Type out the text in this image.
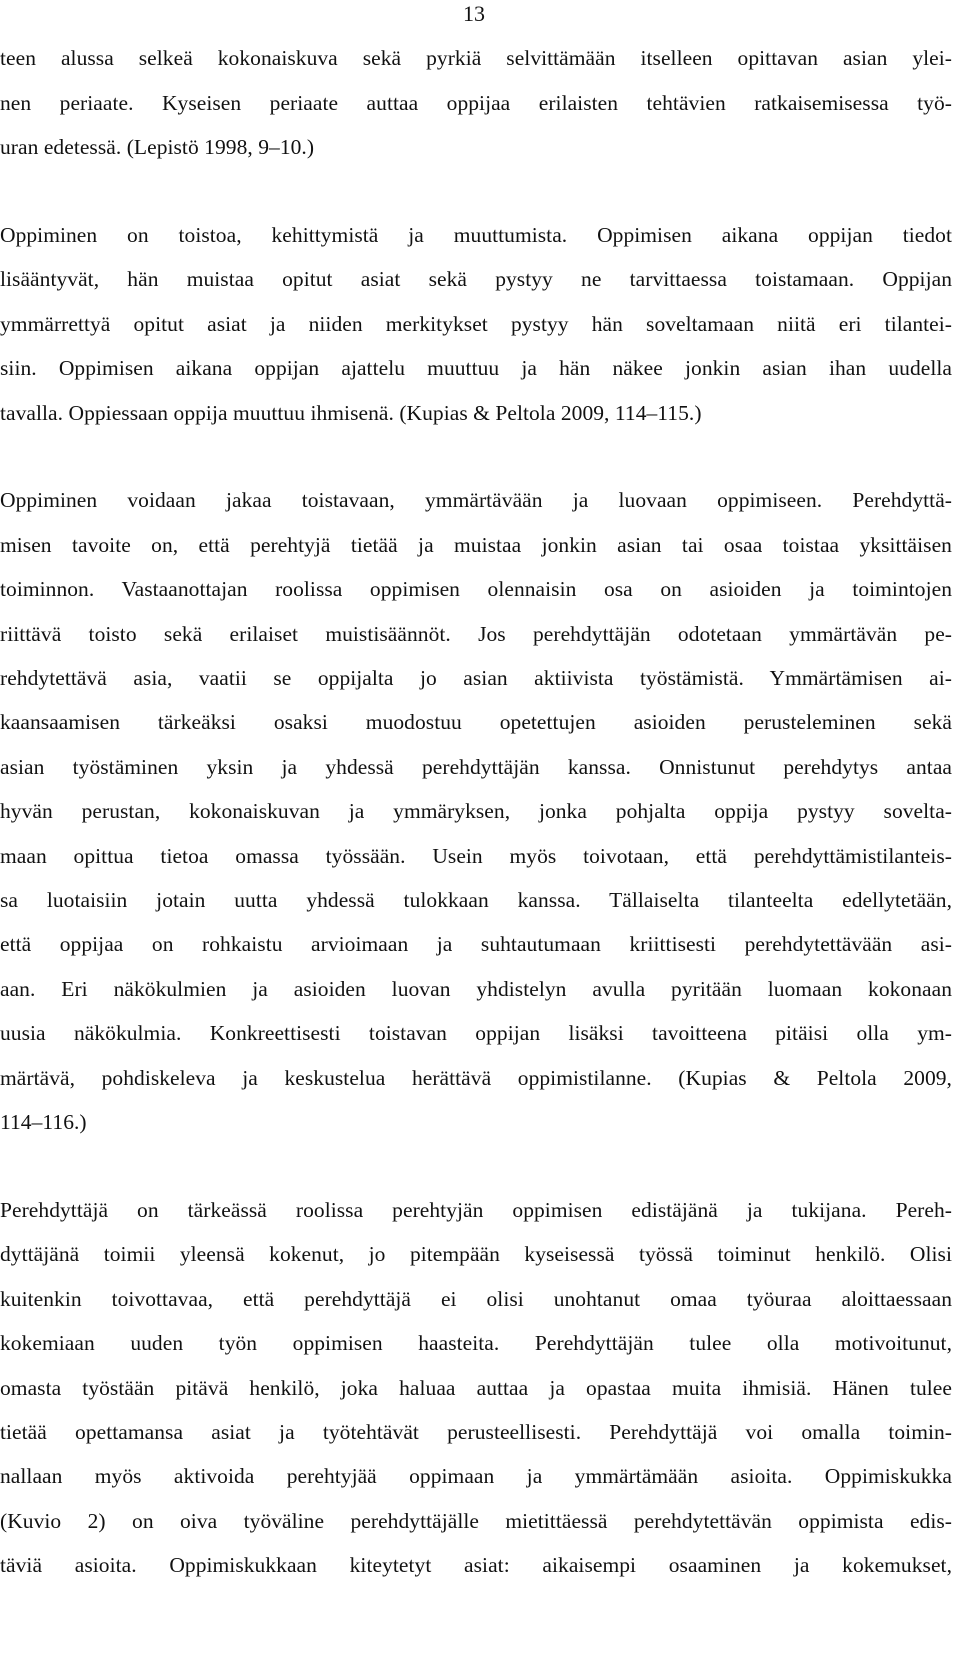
13
teen alussa selkeä kokonaiskuva sekä pyrkiä selvittämään itselleen opittavan asian ylei-
nen periaate. Kyseisen periaate auttaa oppijaa erilaisten tehtävien ratkaisemisessa työ-
uran edetessä. (Lepistö 1998, 9–10.)
Oppiminen on toistoa, kehittymistä ja muuttumista. Oppimisen aikana oppijan tiedot
lisääntyvät, hän muistaa opitut asiat sekä pystyy ne tarvittaessa toistamaan. Oppijan
ymmärrettyä opitut asiat ja niiden merkitykset pystyy hän soveltamaan niitä eri tilantei-
siin. Oppimisen aikana oppijan ajattelu muuttuu ja hän näkee jonkin asian ihan uudella
tavalla. Oppiessaan oppija muuttuu ihmisenä. (Kupias & Peltola 2009, 114–115.)
Oppiminen voidaan jakaa toistavaan, ymmärtävään ja luovaan oppimiseen. Perehdyttä-
misen tavoite on, että perehtyjä tietää ja muistaa jonkin asian tai osaa toistaa yksittäisen
toiminnon. Vastaanottajan roolissa oppimisen olennaisin osa on asioiden ja toimintojen
riittävä toisto sekä erilaiset muistisäännöt. Jos perehdyttäjän odotetaan ymmärtävän pe-
rehdytettävä asia, vaatii se oppijalta jo asian aktiivista työstämistä. Ymmärtämisen ai-
kaansaamisen tärkeäksi osaksi muodostuu opetettujen asioiden perusteleminen sekä
asian työstäminen yksin ja yhdessä perehdyttäjän kanssa. Onnistunut perehdytys antaa
hyvän perustan, kokonaiskuvan ja ymmäryksen, jonka pohjalta oppija pystyy sovelta-
maan opittua tietoa omassa työssään. Usein myös toivotaan, että perehdyttämistilanteis-
sa luotaisiin jotain uutta yhdessä tulokkaan kanssa. Tällaiselta tilanteelta edellytetään,
että oppijaa on rohkaistu arvioimaan ja suhtautumaan kriittisesti perehdytettävään asi-
aan. Eri näkökulmien ja asioiden luovan yhdistelyn avulla pyritään luomaan kokonaan
uusia näkökulmia. Konkreettisesti toistavan oppijan lisäksi tavoitteena pitäisi olla ym-
märtävä, pohdiskeleva ja keskustelua herättävä oppimistilanne. (Kupias & Peltola 2009,
114–116.)
Perehdyttäjä on tärkeässä roolissa perehtyjän oppimisen edistäjänä ja tukijana. Pereh-
dyttäjänä toimii yleensä kokenut, jo pitempään kyseisessä työssä toiminut henkilö. Olisi
kuitenkin toivottavaa, että perehdyttäjä ei olisi unohtanut omaa työuraa aloittaessaan
kokemiaan uuden työn oppimisen haasteita. Perehdyttäjän tulee olla motivoitunut,
omasta työstään pitävä henkilö, joka haluaa auttaa ja opastaa muita ihmisiä. Hänen tulee
tietää opettamansa asiat ja työtehtävät perusteellisesti. Perehdyttäjä voi omalla toimin-
nallaan myös aktivoida perehtyjää oppimaan ja ymmärtämään asioita. Oppimiskukka
(Kuvio 2) on oiva työväline perehdyttäjälle mietittäessä perehdytettävän oppimista edis-
täviä asioita. Oppimiskukkaan kiteytetyt asiat: aikaisempi osaaminen ja kokemukset,
